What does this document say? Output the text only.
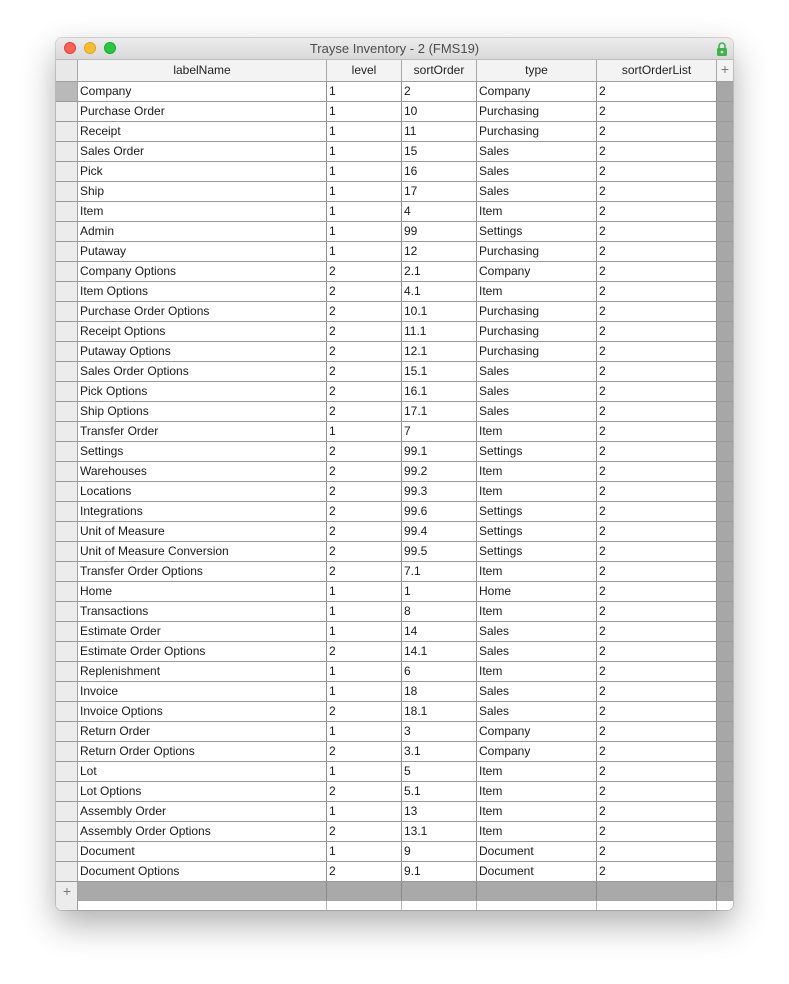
Trayse Inventory - 2 (FMS19)
labelName	level	sortOrder	type	sortOrderList	+
Company	1	2	Company	2
Purchase Order	1	10	Purchasing	2
Receipt	1	11	Purchasing	2
Sales Order	1	15	Sales	2
Pick	1	16	Sales	2
Ship	1	17	Sales	2
Item	1	4	Item	2
Admin	1	99	Settings	2
Putaway	1	12	Purchasing	2
Company Options	2	2.1	Company	2
Item Options	2	4.1	Item	2
Purchase Order Options	2	10.1	Purchasing	2
Receipt Options	2	11.1	Purchasing	2
Putaway Options	2	12.1	Purchasing	2
Sales Order Options	2	15.1	Sales	2
Pick Options	2	16.1	Sales	2
Ship Options	2	17.1	Sales	2
Transfer Order	1	7	Item	2
Settings	2	99.1	Settings	2
Warehouses	2	99.2	Item	2
Locations	2	99.3	Item	2
Integrations	2	99.6	Settings	2
Unit of Measure	2	99.4	Settings	2
Unit of Measure Conversion	2	99.5	Settings	2
Transfer Order Options	2	7.1	Item	2
Home	1	1	Home	2
Transactions	1	8	Item	2
Estimate Order	1	14	Sales	2
Estimate Order Options	2	14.1	Sales	2
Replenishment	1	6	Item	2
Invoice	1	18	Sales	2
Invoice Options	2	18.1	Sales	2
Return Order	1	3	Company	2
Return Order Options	2	3.1	Company	2
Lot	1	5	Item	2
Lot Options	2	5.1	Item	2
Assembly Order	1	13	Item	2
Assembly Order Options	2	13.1	Item	2
Document	1	9	Document	2
Document Options	2	9.1	Document	2
+
